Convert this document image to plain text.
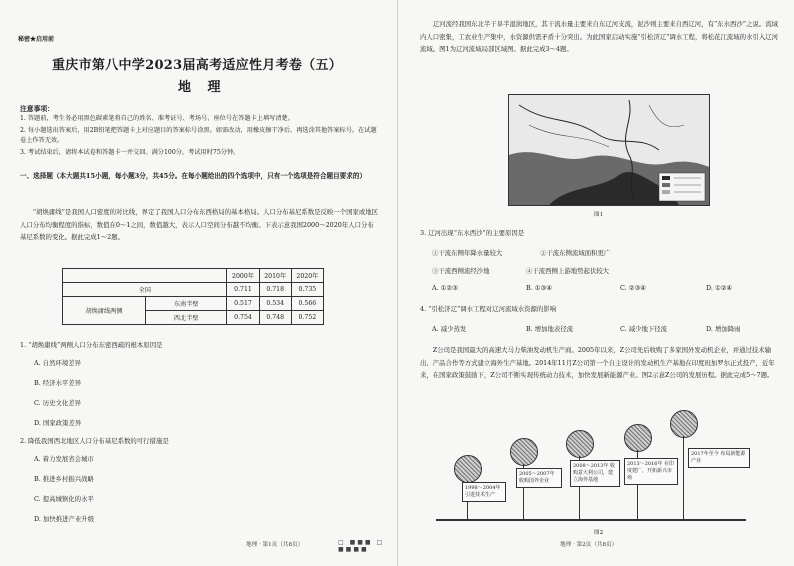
秘密★启用前
重庆市第八中学2023届高考适应性月考卷（五）
地 理
注意事项：
1. 答题前，考生务必用黑色碳素笔将自己的姓名、准考证号、考场号、座位号在答题卡上填写清楚。
2. 每小题选出答案后，用2B铅笔把答题卡上对应题目的答案标号涂黑。如需改动，用橡皮擦干净后，再选涂其他答案标号。在试题卷上作答无效。
3. 考试结束后，请将本试卷和答题卡一并交回。满分100分，考试用时75分钟。
一、选择题（本大题共15小题，每小题3分，共45分。在每小题给出的四个选项中，只有一个选项是符合题目要求的）
“胡焕庸线”是我国人口密度的对比线，界定了我国人口分布东西格局的基本格局。人口分布基尼系数是反映一个国家或地区人口分布均衡程度的指标，数值在0～1之间，数值越大，表示人口空间分布越不均衡。下表示意我国2000～2020年人口分布基尼系数的变化。据此完成1～2题。
		2000年	2010年	2020年
全国		0.711	0.718	0.735
胡焕庸线两侧	东南半壁	0.517	0.534	0.566
	西北半壁	0.754	0.748	0.752
1. “胡焕庸线”两侧人口分布东密西疏的根本原因是
A. 自然环境差异
B. 经济水平差异
C. 历史文化差异
D. 国家政策差异
2. 降低我国西北地区人口分布基尼系数的可行措施是
A. 着力发展省会城市
B. 推进乡村振兴战略
C. 提高城镇化的水平
D. 加快推进产业升级
地理 · 第1页（共8页）	□ ■■■ □ ■■■■
辽河流经我国东北半干旱半湿润地区，其干流水量主要来自东辽河支流，泥沙则主要来自西辽河，有“东水西沙”之说。流域内人口密集，工农业生产集中，水资源供需矛盾十分突出。为此国家启动实施“引松济辽”调水工程，将松花江流域的水引入辽河流域。图1为辽河流域局部区域图。据此完成3～4题。
图1
3. 辽河出现“东水西沙”的主要原因是
①干流东侧年降水量较大	②干流东侧流域面积更广
③干流西侧流经沙地	④干流西侧上游地势起伏较大
A. ①②③	B. ①③④	C. ②③④	D. ①②④
4. “引松济辽”调水工程对辽河流域水资源的影响
A. 减少蒸发	B. 增加地表径流	C. 减少地下径流	D. 增加降雨
Z公司是我国最大的高速大马力柴油发动机生产商。2005年以来，Z公司先后收购了多家国外发动机企业，并通过技术输出、产品合作等方式建立海外生产基地。2014年11月Z公司第一个自主设计的发动机生产基地在印度班加罗尔正式投产，近年来，在国家政策鼓励下，Z公司不断实现传统动力技术，加快发展新能源产业。图2示意Z公司的发展历程。据此完成5～7题。
1998～2004年 引进技术生产
2005～2007年 收购国外企业
2008～2013年 收购意大利公司，建立海外基地
2013～2016年 在印度建厂，开拓新兴市场
2017年至今 布局新能源产业
图2
地理 · 第2页（共8页）
